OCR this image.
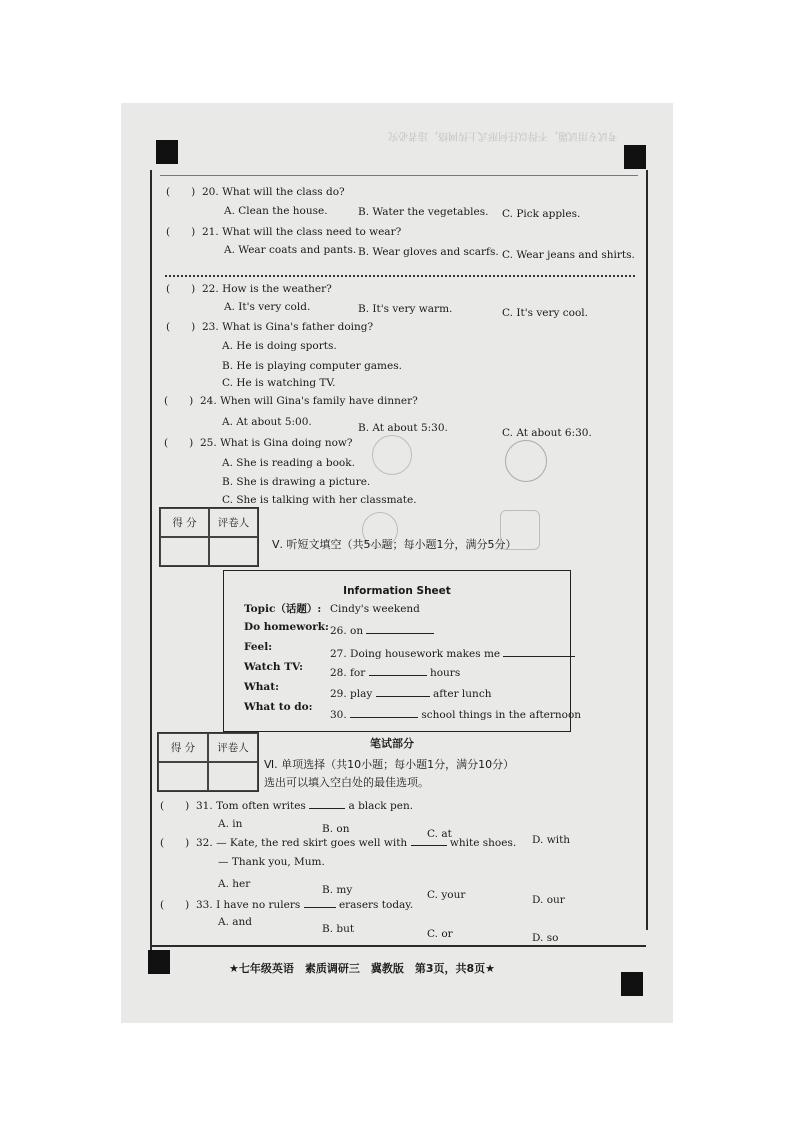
考试专用试题，不得以任何形式上传网络，违者必究
(　　) 20. What will the class do?
A. Clean the house.	B. Water the vegetables. C. Pick apples.
(　　) 21. What will the class need to wear?
A. Wear coats and pants. B. Wear gloves and scarfs. C. Wear jeans and shirts.
(　　) 22. How is the weather?
A. It's very cold.	B. It's very warm.	C. It's very cool.
(　　) 23. What is Gina's father doing?
A. He is doing sports.
B. He is playing computer games.
C. He is watching TV.
(　　) 24. When will Gina's family have dinner?
A. At about 5:00.	B. At about 5:30.	C. At about 6:30.
(　　) 25. What is Gina doing now?
A. She is reading a book.
B. She is drawing a picture.
C. She is talking with her classmate.
得 分	评卷人
Ⅴ. 听短文填空（共5小题；每小题1分，满分5分）
Information Sheet
Topic（话题）: Cindy's weekend
Do homework: 26. on
Feel:
27. Doing housework makes me
Watch TV:	28. for	hours
What:
29. play	after lunch
What to do:
30.	school things in the afternoon
笔试部分
得 分	评卷人
Ⅵ. 单项选择（共10小题；每小题1分，满分10分）
选出可以填入空白处的最佳选项。
(　　) 31. Tom often writes	a black pen.
A. in	B. on	C. at	D. with
(　　) 32. — Kate, the red skirt goes well with	white shoes.
— Thank you, Mum.
A. her	B. my	C. your	D. our
(　　) 33. I have no rulers	erasers today.
A. and
B. but	C. or	D. so
★七年级英语　素质调研三　冀教版　第3页，共8页★
